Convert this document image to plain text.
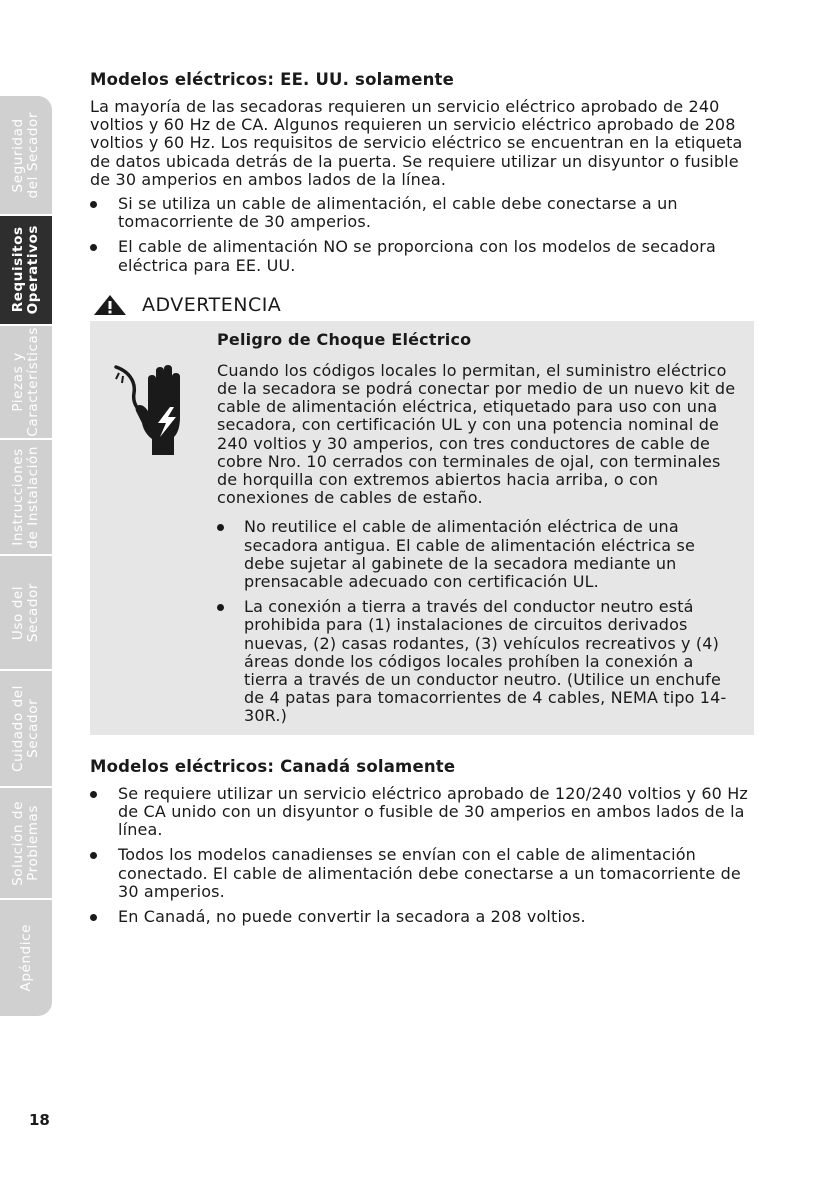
Seguridad
del Secador
Requisitos
Operativos
Piezas y
Características
Instrucciones
de Instalación
Uso del
Secador
Cuidado del
Secador
Solución de
Problemas
Apéndice
Modelos eléctricos: EE. UU. solamente

La mayoría de las secadoras requieren un servicio eléctrico aprobado de 240 voltios y 60 Hz de CA. Algunos requieren un servicio eléctrico aprobado de 208 voltios y 60 Hz. Los requisitos de servicio eléctrico se encuentran en la etiqueta de datos ubicada detrás de la puerta. Se requiere utilizar un disyuntor o fusible de 30 amperios en ambos lados de la línea.

Si se utiliza un cable de alimentación, el cable debe conectarse a un tomacorriente de 30 amperios.
El cable de alimentación NO se proporciona con los modelos de secadora eléctrica para EE. UU.
ADVERTENCIA
Peligro de Choque Eléctrico

Cuando los códigos locales lo permitan, el suministro eléctrico de la secadora se podrá conectar por medio de un nuevo kit de cable de alimentación eléctrica, etiquetado para uso con una secadora, con certificación UL y con una potencia nominal de 240 voltios y 30 amperios, con tres conductores de cable de cobre Nro. 10 cerrados con terminales de ojal, con terminales de horquilla con extremos abiertos hacia arriba, o con conexiones de cables de estaño.

No reutilice el cable de alimentación eléctrica de una secadora antigua. El cable de alimentación eléctrica se debe sujetar al gabinete de la secadora mediante un prensacable adecuado con certificación UL.
La conexión a tierra a través del conductor neutro está prohibida para (1) instalaciones de circuitos derivados nuevas, (2) casas rodantes, (3) vehículos recreativos y (4) áreas donde los códigos locales prohíben la conexión a tierra a través de un conductor neutro. (Utilice un enchufe de 4 patas para tomacorrientes de 4 cables, NEMA tipo 14-30R.)
Modelos eléctricos: Canadá solamente
Se requiere utilizar un servicio eléctrico aprobado de 120/240 voltios y 60 Hz de CA unido con un disyuntor o fusible de 30 amperios en ambos lados de la línea.
Todos los modelos canadienses se envían con el cable de alimentación conectado. El cable de alimentación debe conectarse a un tomacorriente de 30 amperios.
En Canadá, no puede convertir la secadora a 208 voltios.
18
